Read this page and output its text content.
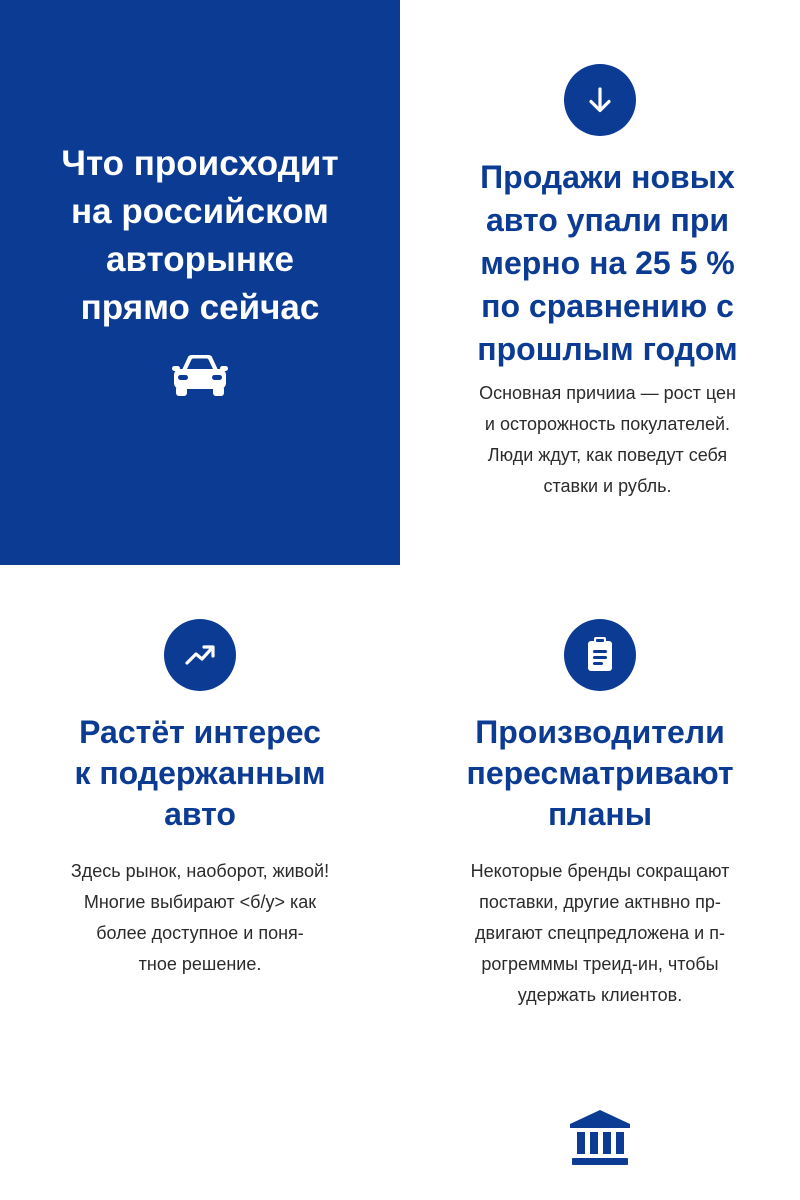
Что происходит
на российском
авторынке
прямо сейчас
Продажи новых
авто упали при
мерно на 25 5 %
по сравнению с
прошлым годом
Основная причииа — рост цен
и осторожность покулателей.
Люди ждут, как поведут себя
ставки и рубль.
Растёт интерес
к подержанным
авто
Здесь рынок, наоборот, живой!
Многие выбирают <б/у> как
более доступное и поня-
тное решение.
Производители
пересматривают
планы
Некоторые бренды сокращают
поставки, другие актнвно пр-
двигают спецпредложена и п-
рогремммы треид-ин, чтобы
удержать клиентов.
